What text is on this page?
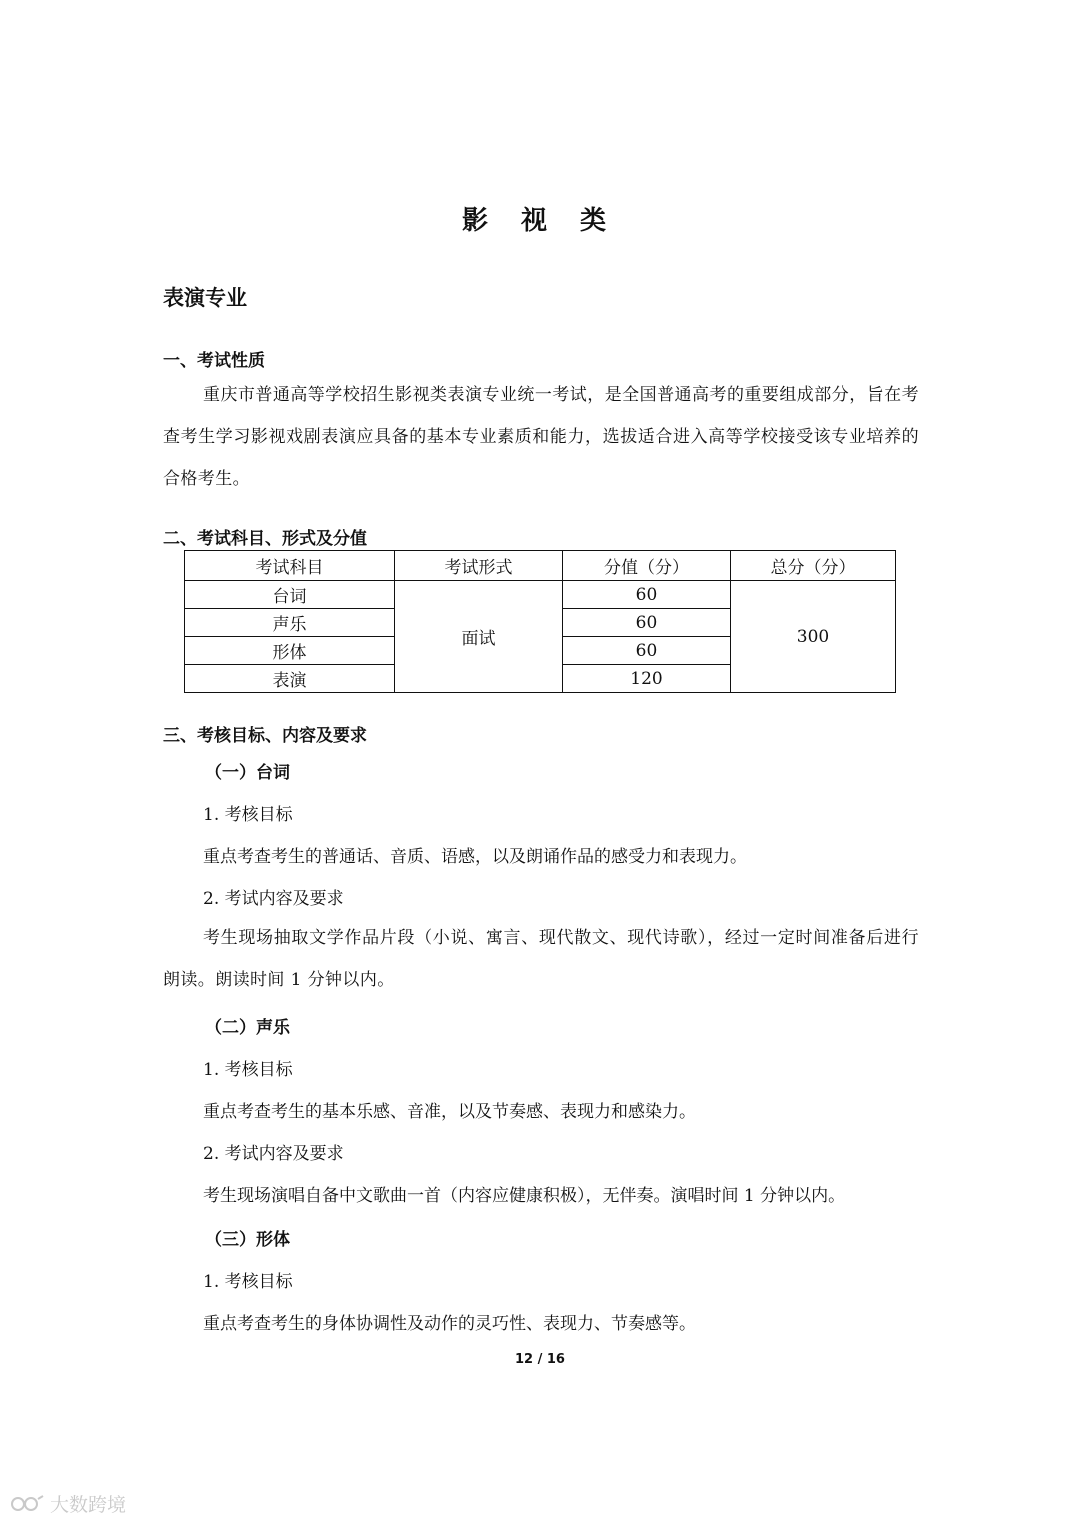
影 视 类
表演专业
一、考试性质
重庆市普通高等学校招生影视类表演专业统一考试，是全国普通高考的重要组成部分，旨在考查考生学习影视戏剧表演应具备的基本专业素质和能力，选拔适合进入高等学校接受该专业培养的合格考生。
二、考试科目、形式及分值
考试科目	考试形式	分值（分）	总分（分）
台词	面试	60	300
声乐		60	
形体		60	
表演		120	
三、考核目标、内容及要求
（一）台词
1. 考核目标
重点考查考生的普通话、音质、语感，以及朗诵作品的感受力和表现力。
2. 考试内容及要求
考生现场抽取文学作品片段（小说、寓言、现代散文、现代诗歌），经过一定时间准备后进行朗读。朗读时间 1 分钟以内。
（二）声乐
1. 考核目标
重点考查考生的基本乐感、音准，以及节奏感、表现力和感染力。
2. 考试内容及要求
考生现场演唱自备中文歌曲一首（内容应健康积极），无伴奏。演唱时间 1 分钟以内。
（三）形体
1. 考核目标
重点考查考生的身体协调性及动作的灵巧性、表现力、节奏感等。
12 / 16
大数跨境
